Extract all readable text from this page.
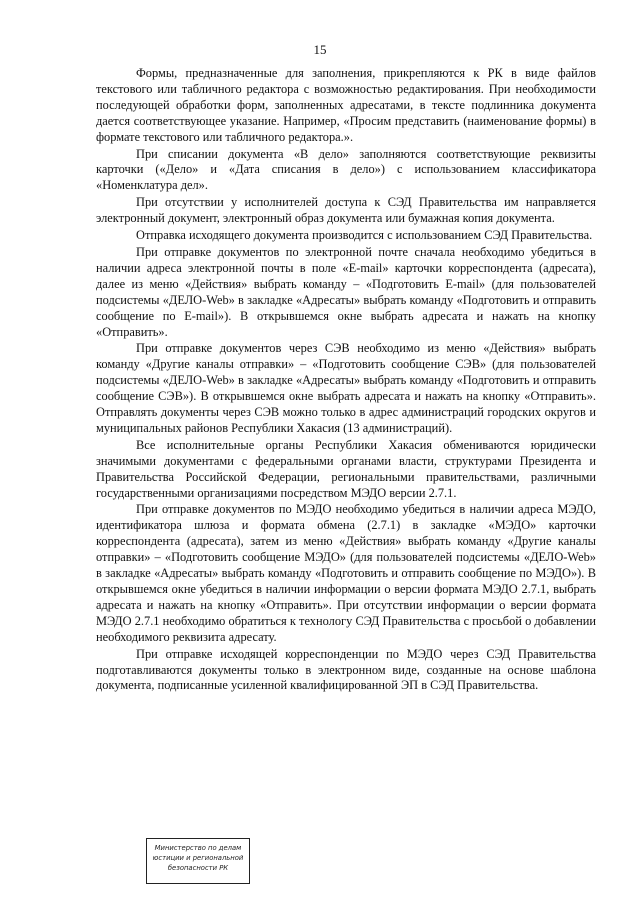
15

Формы, предназначенные для заполнения, прикрепляются к РК в виде файлов текстового или табличного редактора с возможностью редактирования. При необходимости последующей обработки форм, заполненных адресатами, в тексте подлинника документа дается соответствующее указание. Например, «Просим представить (наименование формы) в формате текстового или табличного редактора.».

При списании документа «В дело» заполняются соответствующие реквизиты карточки («Дело» и «Дата списания в дело») с использованием классификатора «Номенклатура дел».

При отсутствии у исполнителей доступа к СЭД Правительства им направляется электронный документ, электронный образ документа или бумажная копия документа.

Отправка исходящего документа производится с использованием СЭД Правительства.

При отправке документов по электронной почте сначала необходимо убедиться в наличии адреса электронной почты в поле «E-mail» карточки корреспондента (адресата), далее из меню «Действия» выбрать команду – «Подготовить E-mail» (для пользователей подсистемы «ДЕЛО-Web» в закладке «Адресаты» выбрать команду «Подготовить и отправить сообщение по E-mail»). В открывшемся окне выбрать адресата и нажать на кнопку «Отправить».

При отправке документов через СЭВ необходимо из меню «Действия» выбрать команду «Другие каналы отправки» – «Подготовить сообщение СЭВ» (для пользователей подсистемы «ДЕЛО-Web» в закладке «Адресаты» выбрать команду «Подготовить и отправить сообщение СЭВ»). В открывшемся окне выбрать адресата и нажать на кнопку «Отправить». Отправлять документы через СЭВ можно только в адрес администраций городских округов и муниципальных районов Республики Хакасия (13 администраций).

Все исполнительные органы Республики Хакасия обмениваются юридически значимыми документами с федеральными органами власти, структурами Президента и Правительства Российской Федерации, региональными правительствами, различными государственными организациями посредством МЭДО версии 2.7.1.

При отправке документов по МЭДО необходимо убедиться в наличии адреса МЭДО, идентификатора шлюза и формата обмена (2.7.1) в закладке «МЭДО» карточки корреспондента (адресата), затем из меню «Действия» выбрать команду «Другие каналы отправки» – «Подготовить сообщение МЭДО» (для пользователей подсистемы «ДЕЛО-Web» в закладке «Адресаты» выбрать команду «Подготовить и отправить сообщение по МЭДО»). В открывшемся окне убедиться в наличии информации о версии формата МЭДО 2.7.1, выбрать адресата и нажать на кнопку «Отправить». При отсутствии информации о версии формата МЭДО 2.7.1 необходимо обратиться к технологу СЭД Правительства с просьбой о добавлении необходимого реквизита адресату.

При отправке исходящей корреспонденции по МЭДО через СЭД Правительства подготавливаются документы только в электронном виде, созданные на основе шаблона документа, подписанные усиленной квалифицированной ЭП в СЭД Правительства.

Министерство по делам
юстиции и региональной
безопасности РК
